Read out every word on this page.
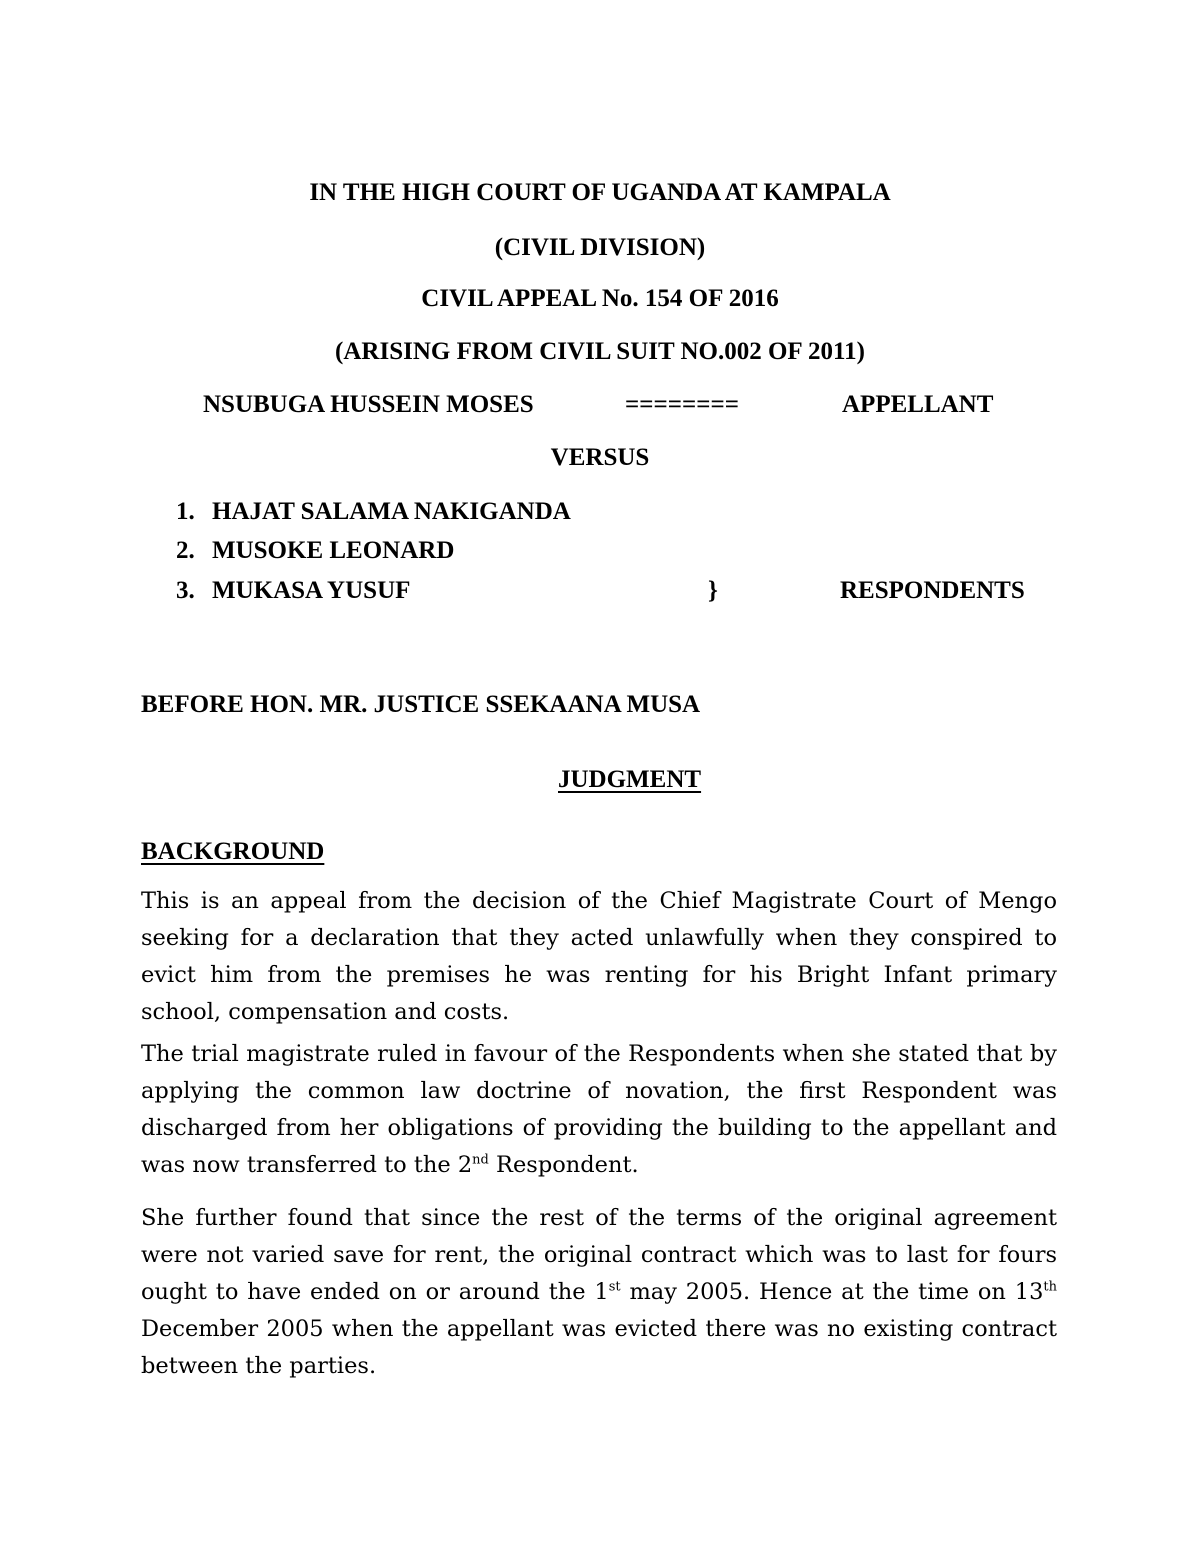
IN THE HIGH COURT OF UGANDA AT KAMPALA
(CIVIL DIVISION)
CIVIL APPEAL No. 154 OF 2016
(ARISING FROM CIVIL SUIT NO.002 OF 2011)
NSUBUGA HUSSEIN MOSES	========	APPELLANT
VERSUS
1. HAJAT SALAMA NAKIGANDA
2. MUSOKE LEONARD
3. MUKASA YUSUF	}	RESPONDENTS
BEFORE HON. MR. JUSTICE SSEKAANA MUSA
JUDGMENT
BACKGROUND

This is an appeal from the decision of the Chief Magistrate Court of Mengo seeking for a declaration that they acted unlawfully when they conspired to evict him from the premises he was renting for his Bright Infant primary school, compensation and costs.

The trial magistrate ruled in favour of the Respondents when she stated that by applying the common law doctrine of novation, the first Respondent was discharged from her obligations of providing the building to the appellant and was now transferred to the 2nd Respondent.

She further found that since the rest of the terms of the original agreement were not varied save for rent, the original contract which was to last for fours ought to have ended on or around the 1st may 2005. Hence at the time on 13th December 2005 when the appellant was evicted there was no existing contract between the parties.
